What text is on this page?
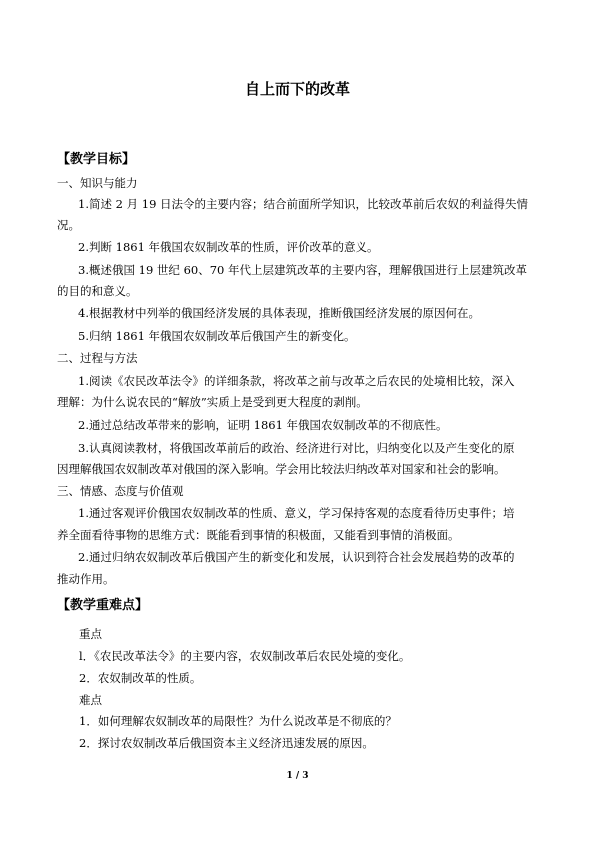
自上而下的改革
【教学目标】
一、知识与能力
1.简述 2 月 19 日法令的主要内容；结合前面所学知识，比较改革前后农奴的利益得失情
况。
2.判断 1861 年俄国农奴制改革的性质，评价改革的意义。
3.概述俄国 19 世纪 60、70 年代上层建筑改革的主要内容，理解俄国进行上层建筑改革
的目的和意义。
4.根据教材中列举的俄国经济发展的具体表现，推断俄国经济发展的原因何在。
5.归纳 1861 年俄国农奴制改革后俄国产生的新变化。
二、过程与方法
1.阅读《农民改革法令》的详细条款，将改革之前与改革之后农民的处境相比较，深入
理解：为什么说农民的“解放”实质上是受到更大程度的剥削。
2.通过总结改革带来的影响，证明 1861 年俄国农奴制改革的不彻底性。
3.认真阅读教材，将俄国改革前后的政治、经济进行对比，归纳变化以及产生变化的原
因理解俄国农奴制改革对俄国的深入影响。学会用比较法归纳改革对国家和社会的影响。
三、情感、态度与价值观
1.通过客观评价俄国农奴制改革的性质、意义，学习保持客观的态度看待历史事件；培
养全面看待事物的思维方式：既能看到事情的积极面，又能看到事情的消极面。
2.通过归纳农奴制改革后俄国产生的新变化和发展，认识到符合社会发展趋势的改革的
推动作用。
【教学重难点】
重点
l．《农民改革法令》的主要内容，农奴制改革后农民处境的变化。
2．农奴制改革的性质。
难点
1．如何理解农奴制改革的局限性？为什么说改革是不彻底的？
2．探讨农奴制改革后俄国资本主义经济迅速发展的原因。
1 / 3
